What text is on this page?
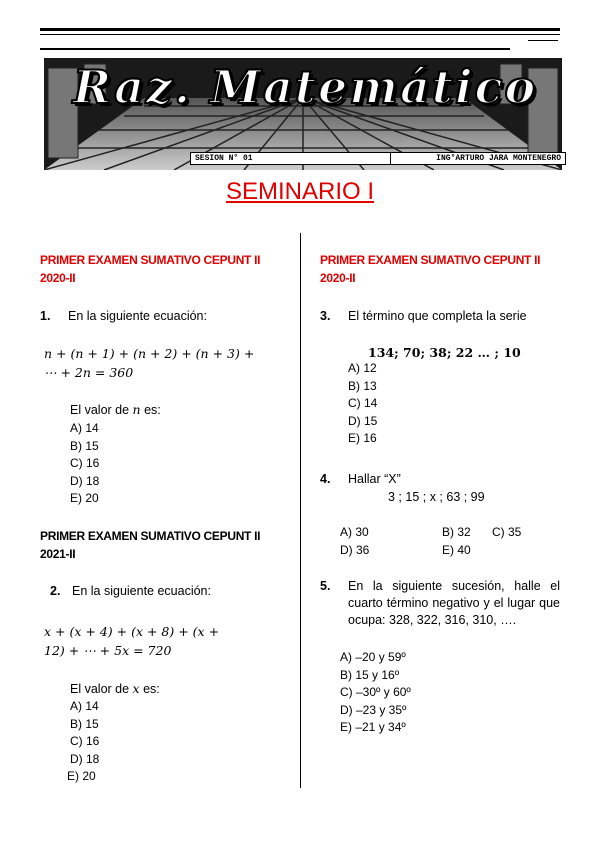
Raz. Matemático
SESION N° 01	ING°ARTURO JARA MONTENEGRO
SEMINARIO I
PRIMER EXAMEN SUMATIVO CEPUNT II 2020-II
1. En la siguiente ecuación:
n + (n + 1) + (n + 2) + (n + 3) +
⋯ + 2n = 360
El valor de n es:
A) 14
B) 15
C) 16
D) 18
E) 20
PRIMER EXAMEN SUMATIVO CEPUNT II 2021-II
2. En la siguiente ecuación:
x + (x + 4) + (x + 8) + (x +
12) + ⋯ + 5x = 720
El valor de x es:
A) 14
B) 15
C) 16
D) 18
E) 20
PRIMER EXAMEN SUMATIVO CEPUNT II 2020-II
3. El término que completa la serie
134; 70; 38; 22 … ; 10
A) 12
B) 13
C) 14
D) 15
E) 16
4. Hallar “X”
3 ; 15 ; x ; 63 ; 99
A) 30	B) 32 C) 35
D) 36	E) 40
5.	En la siguiente sucesión, halle el cuarto término negativo y el lugar que ocupa: 328, 322, 316, 310, ….
A) –20 y 59º
B) 15 y 16º
C) –30º y 60º
D) –23 y 35º
E) –21 y 34º
